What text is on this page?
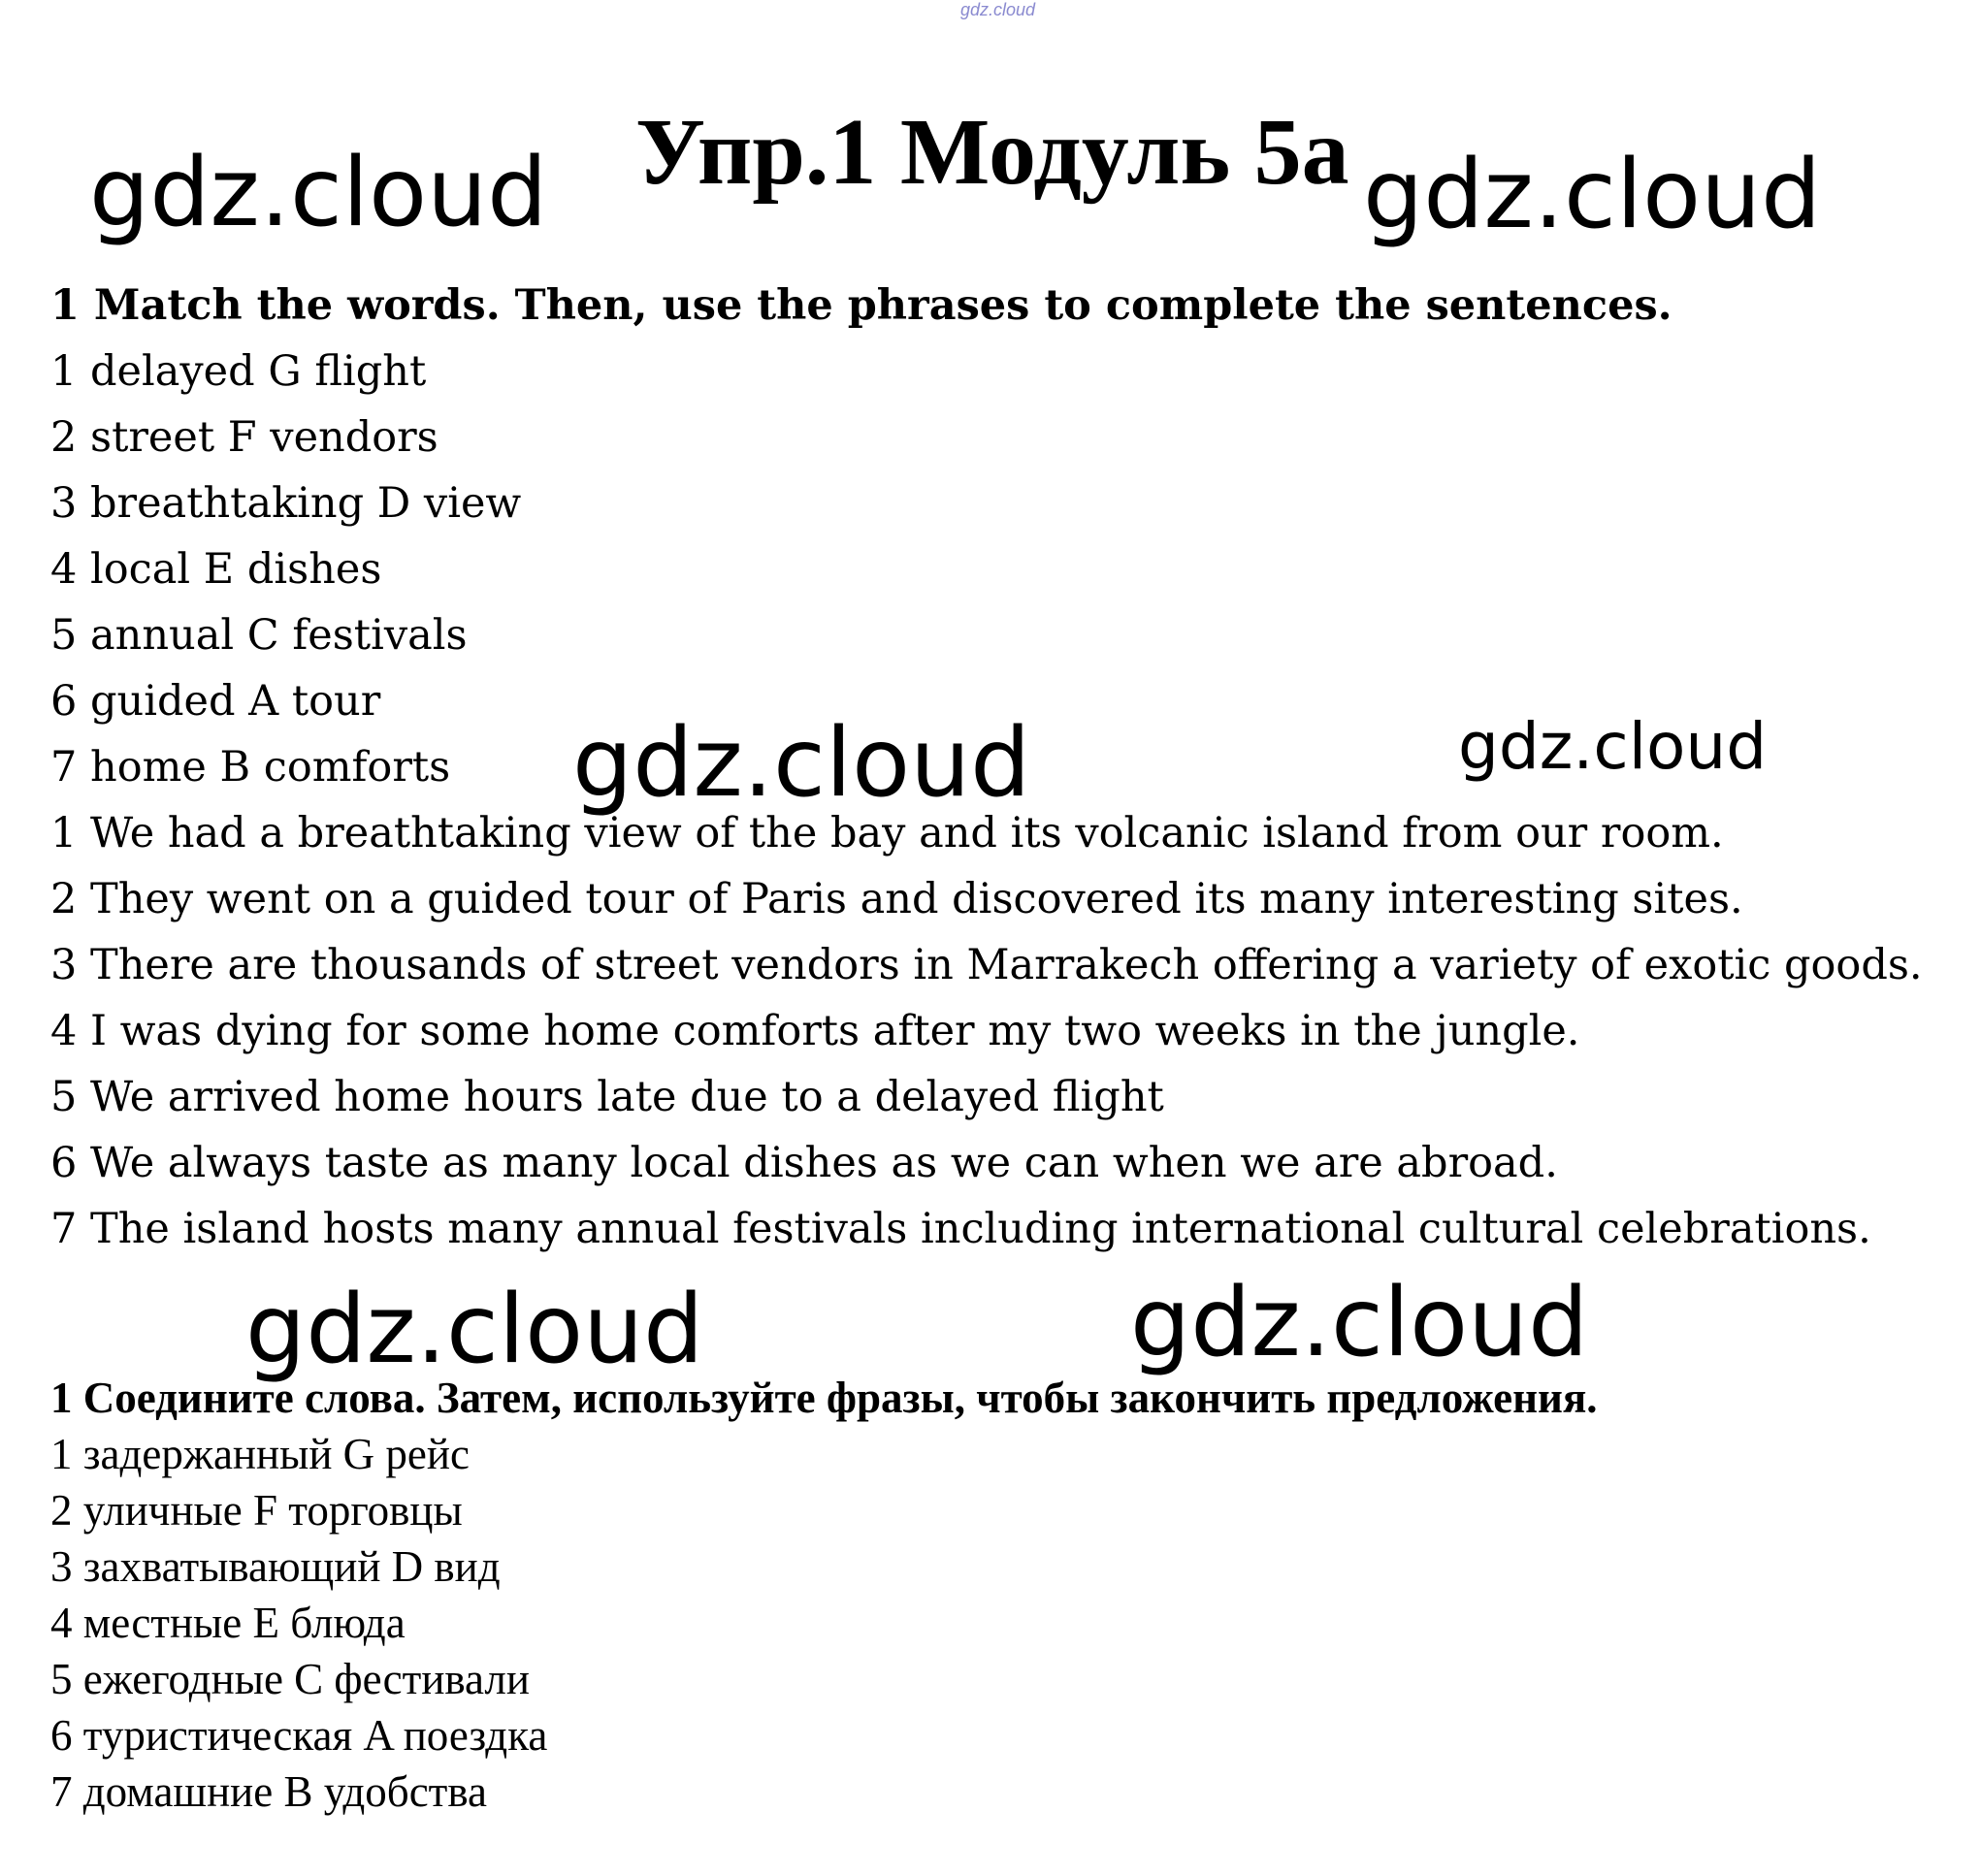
gdz.cloud
Упр.1 Модуль 5а
gdz.cloud	gdz.cloud
gdz.cloud	gdz.cloud
gdz.cloud	gdz.cloud
1 Match the words. Then, use the phrases to complete the sentences.
1 delayed G flight
2 street F vendors
3 breathtaking D view
4 local E dishes
5 annual C festivals
6 guided A tour
7 home B comforts
1 We had a breathtaking view of the bay and its volcanic island from our room.
2 They went on a guided tour of Paris and discovered its many interesting sites.
3 There are thousands of street vendors in Marrakech offering a variety of exotic goods.
4 I was dying for some home comforts after my two weeks in the jungle.
5 We arrived home hours late due to a delayed flight
6 We always taste as many local dishes as we can when we are abroad.
7 The island hosts many annual festivals including international cultural celebrations.
1 Соедините слова. Затем, используйте фразы, чтобы закончить предложения.
1 задержанный G рейс
2 уличные F торговцы
3 захватывающий D вид
4 местные E блюда
5 ежегодные C фестивали
6 туристическая A поездка
7 домашние B удобства
